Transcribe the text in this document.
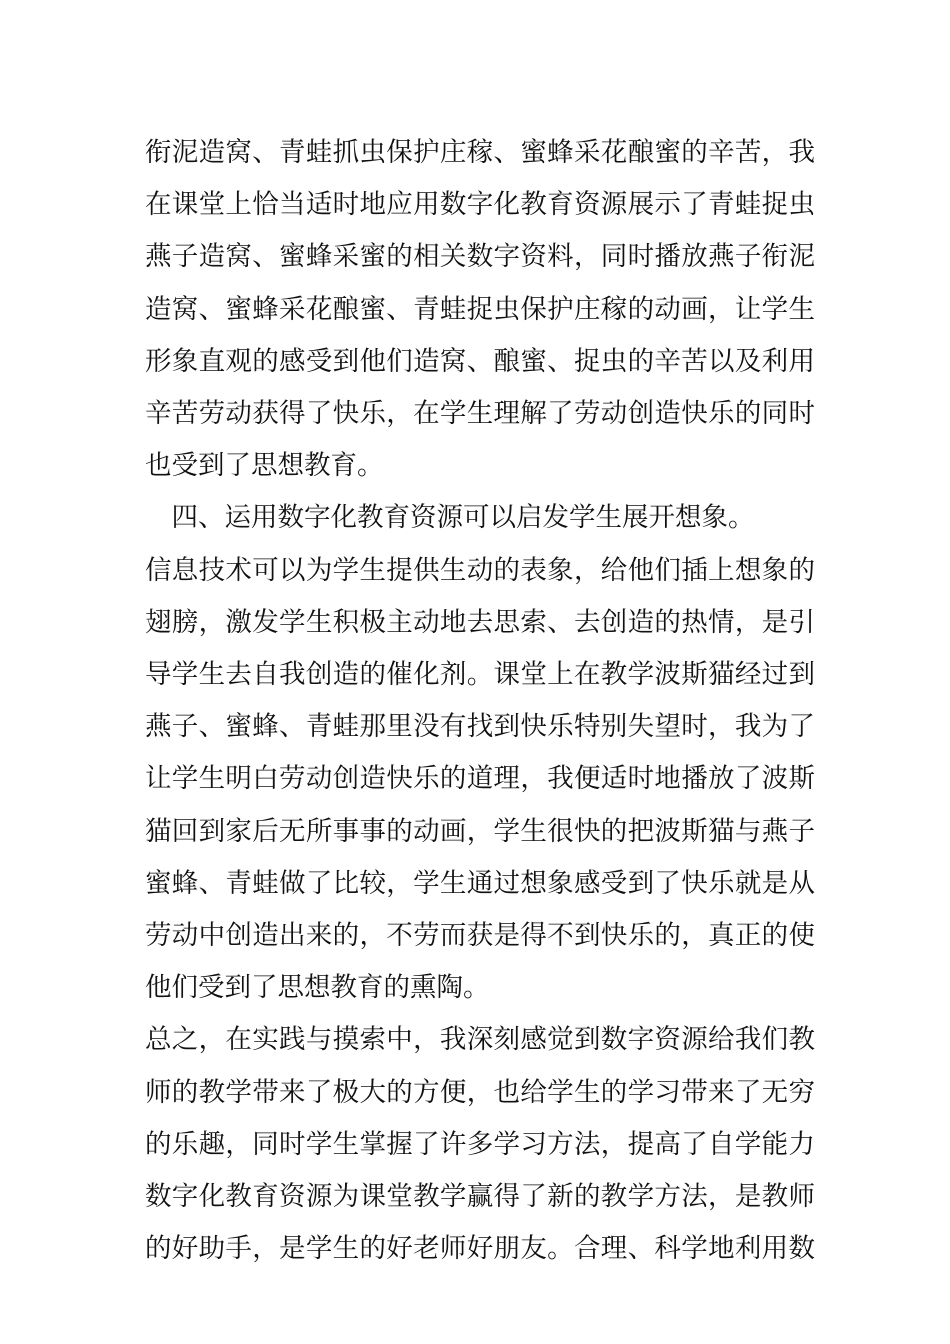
衔泥造窝、青蛙抓虫保护庄稼、蜜蜂采花酿蜜的辛苦，我
在课堂上恰当适时地应用数字化教育资源展示了青蛙捉虫
燕子造窝、蜜蜂采蜜的相关数字资料，同时播放燕子衔泥
造窝、蜜蜂采花酿蜜、青蛙捉虫保护庄稼的动画，让学生
形象直观的感受到他们造窝、酿蜜、捉虫的辛苦以及利用
辛苦劳动获得了快乐，在学生理解了劳动创造快乐的同时
也受到了思想教育。
　四、运用数字化教育资源可以启发学生展开想象。
信息技术可以为学生提供生动的表象，给他们插上想象的
翅膀，激发学生积极主动地去思索、去创造的热情，是引
导学生去自我创造的催化剂。课堂上在教学波斯猫经过到
燕子、蜜蜂、青蛙那里没有找到快乐特别失望时，我为了
让学生明白劳动创造快乐的道理，我便适时地播放了波斯
猫回到家后无所事事的动画，学生很快的把波斯猫与燕子
蜜蜂、青蛙做了比较，学生通过想象感受到了快乐就是从
劳动中创造出来的，不劳而获是得不到快乐的，真正的使
他们受到了思想教育的熏陶。
总之，在实践与摸索中，我深刻感觉到数字资源给我们教
师的教学带来了极大的方便，也给学生的学习带来了无穷
的乐趣，同时学生掌握了许多学习方法，提高了自学能力
数字化教育资源为课堂教学赢得了新的教学方法，是教师
的好助手，是学生的好老师好朋友。合理、科学地利用数
